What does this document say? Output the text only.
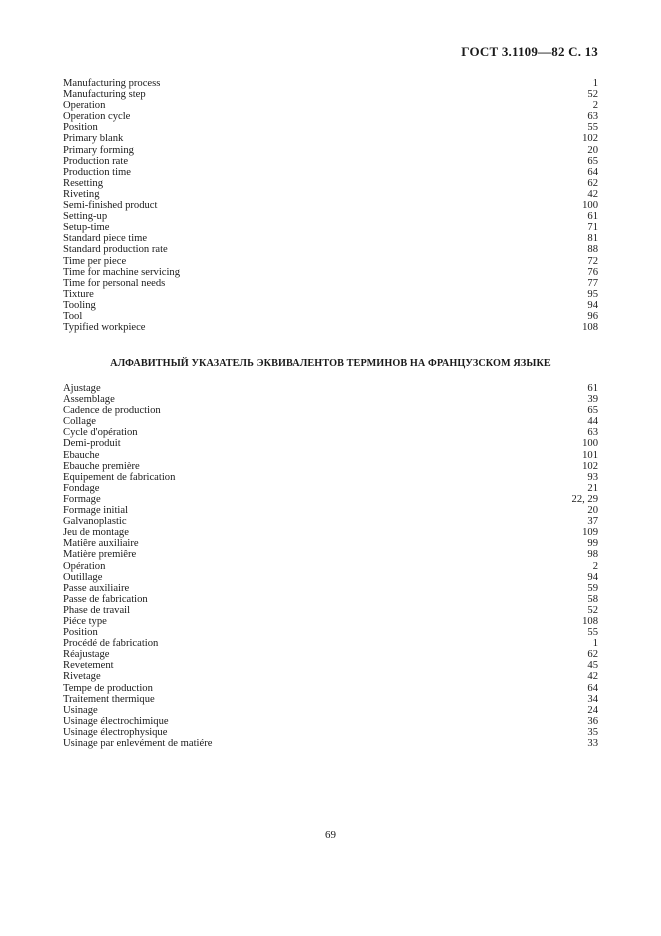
ГОСТ 3.1109—82 С. 13
Manufacturing process	1
Manufacturing step	52
Operation	2
Operation cycle	63
Position	55
Primary blank	102
Primary forming	20
Production rate	65
Production time	64
Resetting	62
Riveting	42
Semi-finished product	100
Setting-up	61
Setup-time	71
Standard piece time	81
Standard production rate	88
Time per piece	72
Time for machine servicing	76
Time for personal needs	77
Tixture	95
Tooling	94
Tool	96
Typified workpiece	108
АЛФАВИТНЫЙ УКАЗАТЕЛЬ ЭКВИВАЛЕНТОВ ТЕРМИНОВ НА ФРАНЦУЗСКОМ ЯЗЫКЕ
Ajustage	61
Assemblage	39
Cadence de production	65
Collage	44
Cycle d'opération	63
Demi-produit	100
Ebauche	101
Ebauche première	102
Equipement de fabrication	93
Fondage	21
Formage	22, 29
Formage initial	20
Galvanoplastic	37
Jeu de montage	109
Matiêre auxiliaire	99
Matière premiêre	98
Opération	2
Outillage	94
Passe auxiliaire	59
Passe de fabrication	58
Phase de travail	52
Piéce type	108
Position	55
Procédé de fabrication	1
Réajustage	62
Revetement	45
Rivetage	42
Tempe de production	64
Traitement thermique	34
Usinage	24
Usinage électrochimique	36
Usinage électrophysique	35
Usinage par enlevément de matiére	33
69
